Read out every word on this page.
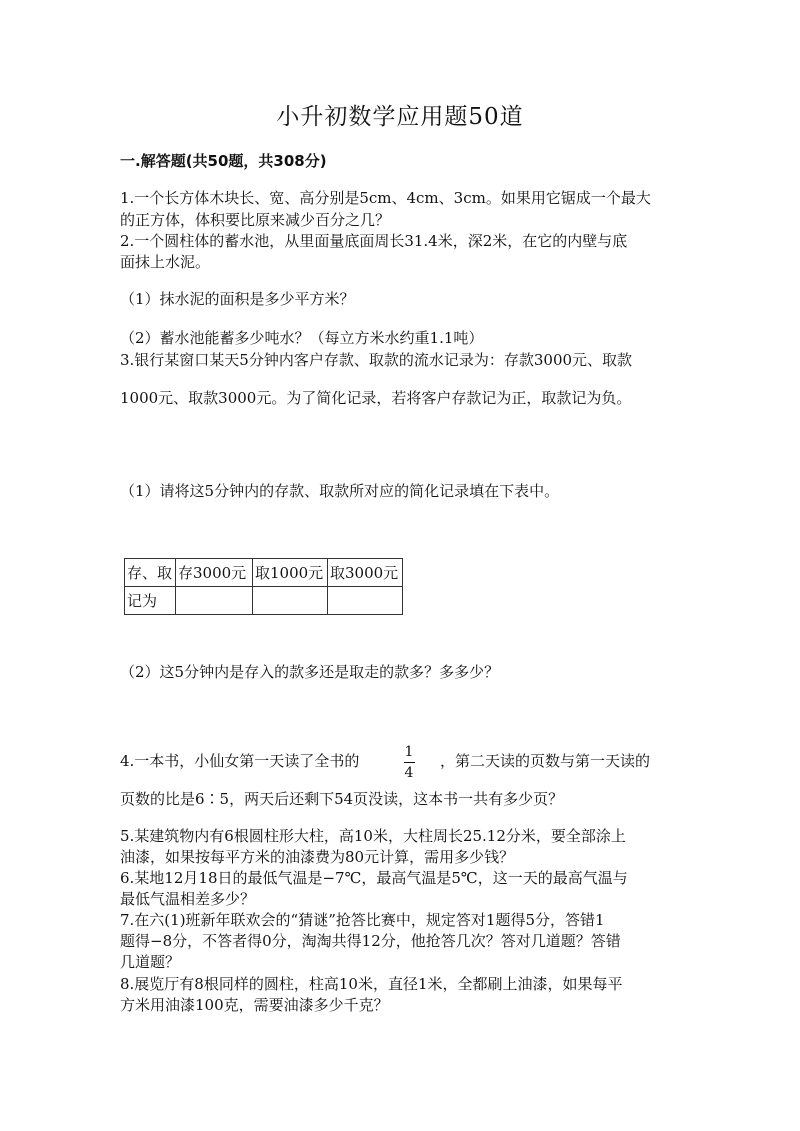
小升初数学应用题50道
一.解答题(共50题，共308分)
1.一个长方体木块长、宽、高分别是5cm、4cm、3cm。如果用它锯成一个最大
的正方体，体积要比原来减少百分之几？
2.一个圆柱体的蓄水池，从里面量底面周长31.4米，深2米，在它的内壁与底
面抹上水泥。
（1）抹水泥的面积是多少平方米？
（2）蓄水池能蓄多少吨水？（每立方米水约重1.1吨）
3.银行某窗口某天5分钟内客户存款、取款的流水记录为：存款3000元、取款
1000元、取款3000元。为了简化记录，若将客户存款记为正，取款记为负。
（1）请将这5分钟内的存款、取款所对应的简化记录填在下表中。
存、取	存3000元	取1000元	取3000元
记为			
（2）这5分钟内是存入的款多还是取走的款多？多多少？
4.一本书，小仙女第一天读了全书的	1
4
，第二天读的页数与第一天读的
页数的比是6∶5，两天后还剩下54页没读，这本书一共有多少页？
5.某建筑物内有6根圆柱形大柱，高10米，大柱周长25.12分米，要全部涂上
油漆，如果按每平方米的油漆费为80元计算，需用多少钱？
6.某地12月18日的最低气温是−7℃，最高气温是5℃，这一天的最高气温与
最低气温相差多少？
7.在六(1)班新年联欢会的“猜谜”抢答比赛中，规定答对1题得5分，答错1
题得−8分，不答者得0分，淘淘共得12分，他抢答几次？答对几道题？答错
几道题？
8.展览厅有8根同样的圆柱，柱高10米，直径1米，全都刷上油漆，如果每平
方米用油漆100克，需要油漆多少千克？
